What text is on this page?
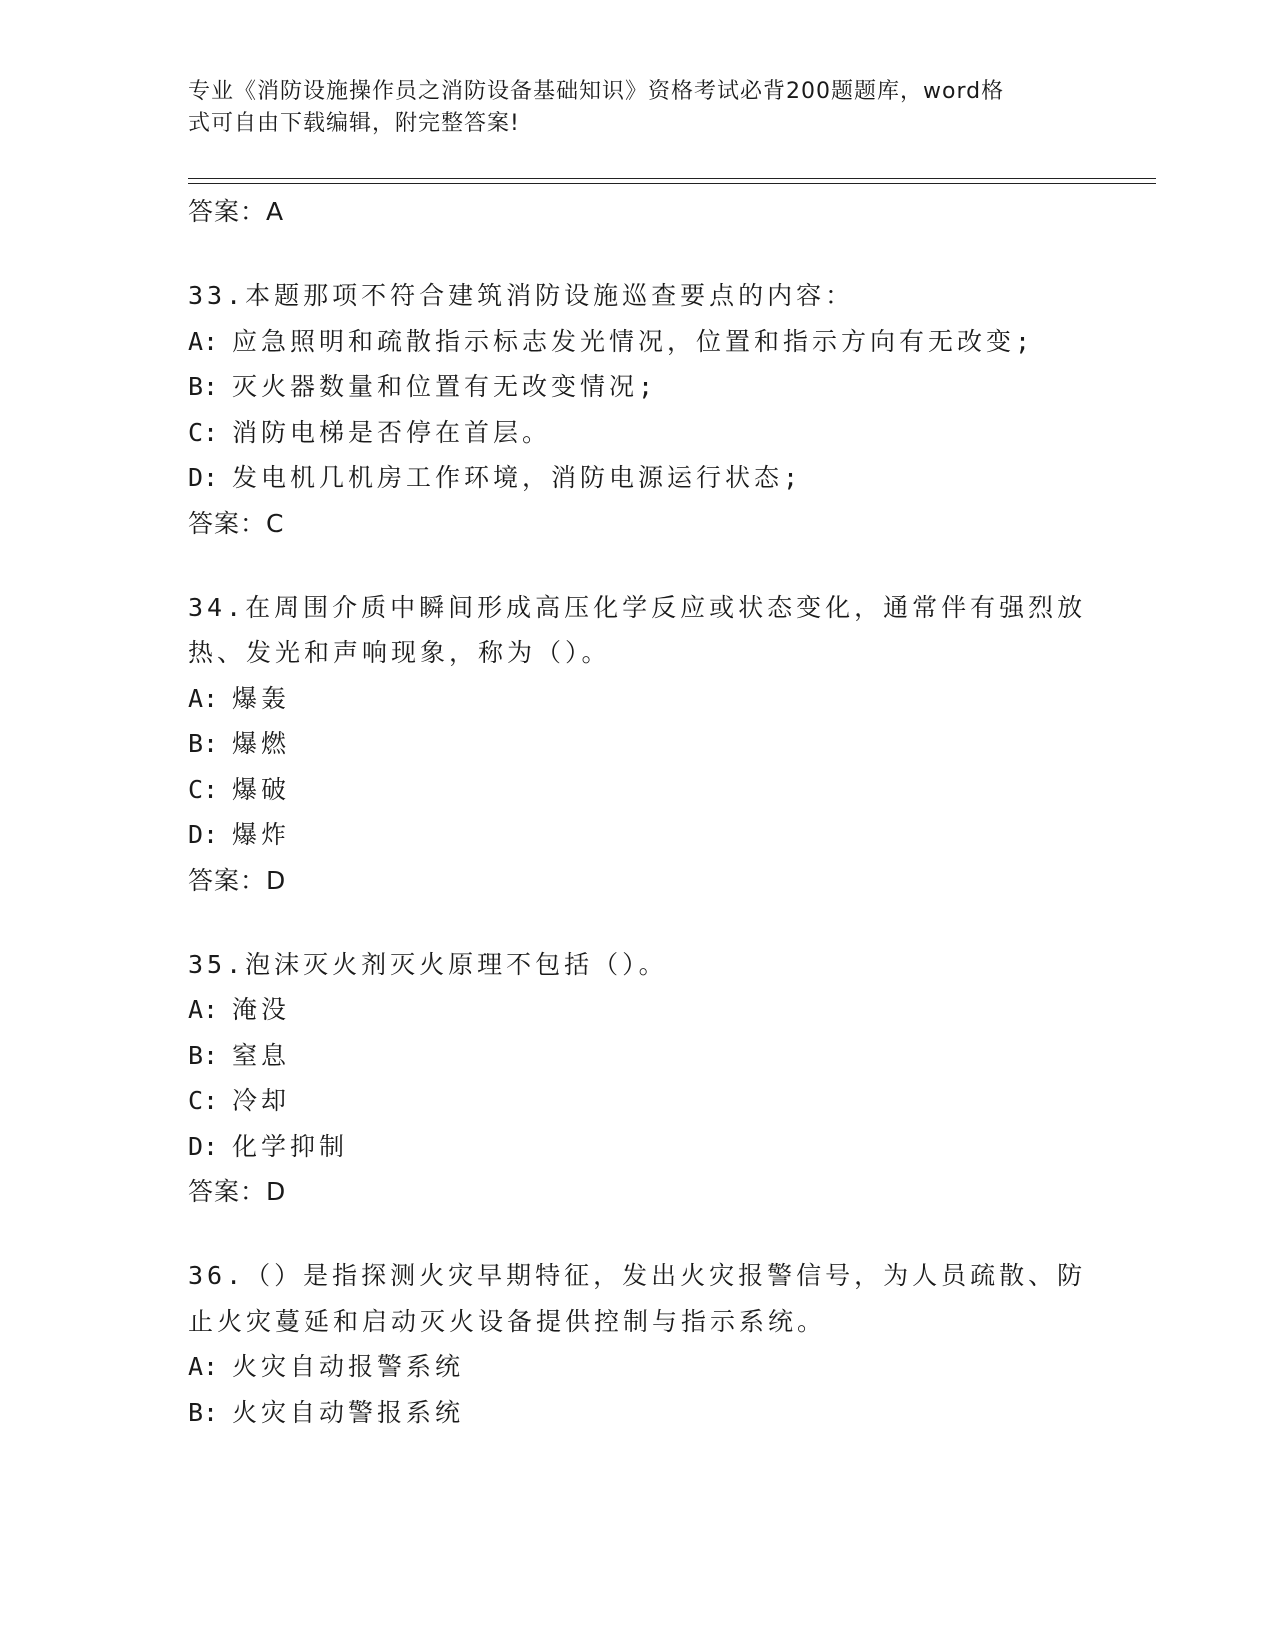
专业《消防设施操作员之消防设备基础知识》资格考试必背200题题库，word格
式可自由下载编辑，附完整答案!
答案：A
33.本题那项不符合建筑消防设施巡查要点的内容：
A: 应急照明和疏散指示标志发光情况，位置和指示方向有无改变;
B: 灭火器数量和位置有无改变情况;
C: 消防电梯是否停在首层。
D: 发电机几机房工作环境，消防电源运行状态;
答案：C
34.在周围介质中瞬间形成高压化学反应或状态变化，通常伴有强烈放
热、发光和声响现象，称为（）。
A: 爆轰
B: 爆燃
C: 爆破
D: 爆炸
答案：D
35.泡沫灭火剂灭火原理不包括（）。
A: 淹没
B: 窒息
C: 冷却
D: 化学抑制
答案：D
36.（）是指探测火灾早期特征，发出火灾报警信号，为人员疏散、防
止火灾蔓延和启动灭火设备提供控制与指示系统。
A: 火灾自动报警系统
B: 火灾自动警报系统
